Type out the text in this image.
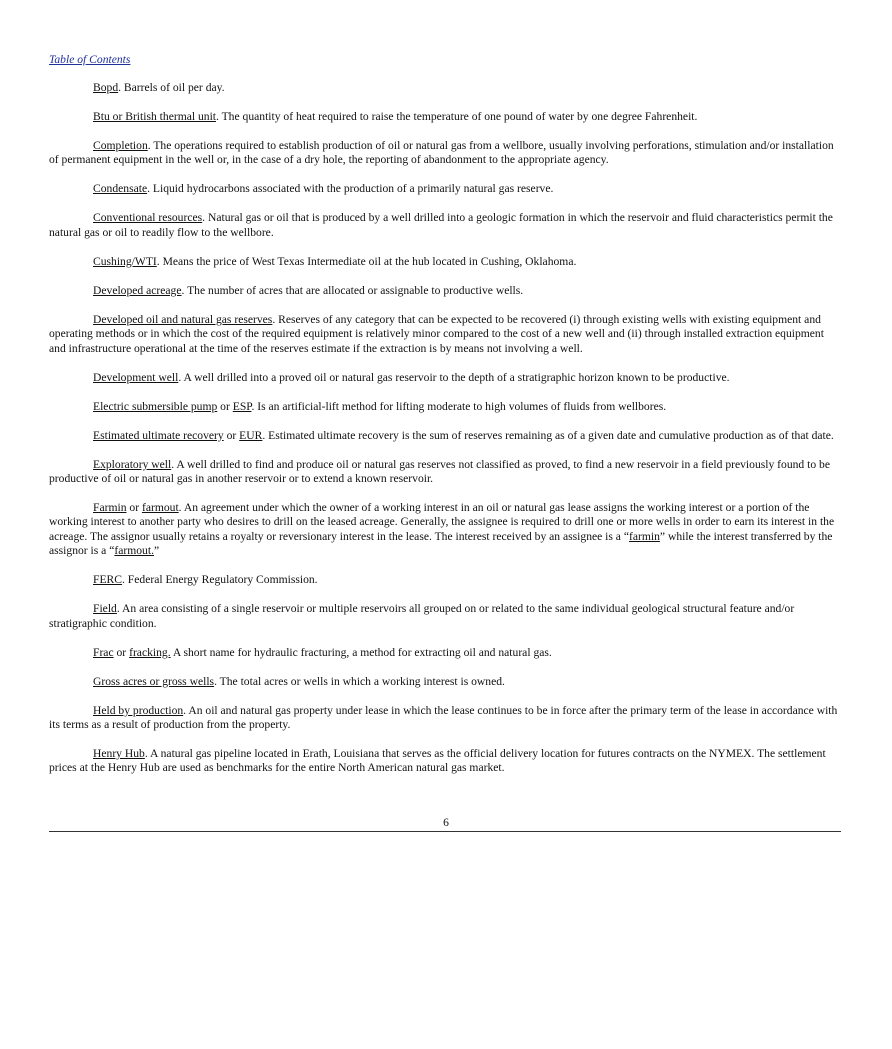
Table of Contents

Bopd. Barrels of oil per day.

Btu or British thermal unit. The quantity of heat required to raise the temperature of one pound of water by one degree Fahrenheit.

Completion. The operations required to establish production of oil or natural gas from a wellbore, usually involving perforations, stimulation and/or installation of permanent equipment in the well or, in the case of a dry hole, the reporting of abandonment to the appropriate agency.

Condensate. Liquid hydrocarbons associated with the production of a primarily natural gas reserve.

Conventional resources. Natural gas or oil that is produced by a well drilled into a geologic formation in which the reservoir and fluid characteristics permit the natural gas or oil to readily flow to the wellbore.

Cushing/WTI. Means the price of West Texas Intermediate oil at the hub located in Cushing, Oklahoma.

Developed acreage. The number of acres that are allocated or assignable to productive wells.

Developed oil and natural gas reserves. Reserves of any category that can be expected to be recovered (i) through existing wells with existing equipment and operating methods or in which the cost of the required equipment is relatively minor compared to the cost of a new well and (ii) through installed extraction equipment and infrastructure operational at the time of the reserves estimate if the extraction is by means not involving a well.

Development well. A well drilled into a proved oil or natural gas reservoir to the depth of a stratigraphic horizon known to be productive.

Electric submersible pump or ESP. Is an artificial-lift method for lifting moderate to high volumes of fluids from wellbores.

Estimated ultimate recovery or EUR. Estimated ultimate recovery is the sum of reserves remaining as of a given date and cumulative production as of that date.

Exploratory well. A well drilled to find and produce oil or natural gas reserves not classified as proved, to find a new reservoir in a field previously found to be productive of oil or natural gas in another reservoir or to extend a known reservoir.

Farmin or farmout. An agreement under which the owner of a working interest in an oil or natural gas lease assigns the working interest or a portion of the working interest to another party who desires to drill on the leased acreage. Generally, the assignee is required to drill one or more wells in order to earn its interest in the acreage. The assignor usually retains a royalty or reversionary interest in the lease. The interest received by an assignee is a “farmin” while the interest transferred by the assignor is a “farmout.”

FERC. Federal Energy Regulatory Commission.

Field. An area consisting of a single reservoir or multiple reservoirs all grouped on or related to the same individual geological structural feature and/or stratigraphic condition.

Frac or fracking. A short name for hydraulic fracturing, a method for extracting oil and natural gas.

Gross acres or gross wells. The total acres or wells in which a working interest is owned.

Held by production. An oil and natural gas property under lease in which the lease continues to be in force after the primary term of the lease in accordance with its terms as a result of production from the property.

Henry Hub. A natural gas pipeline located in Erath, Louisiana that serves as the official delivery location for futures contracts on the NYMEX. The settlement prices at the Henry Hub are used as benchmarks for the entire North American natural gas market.

6
